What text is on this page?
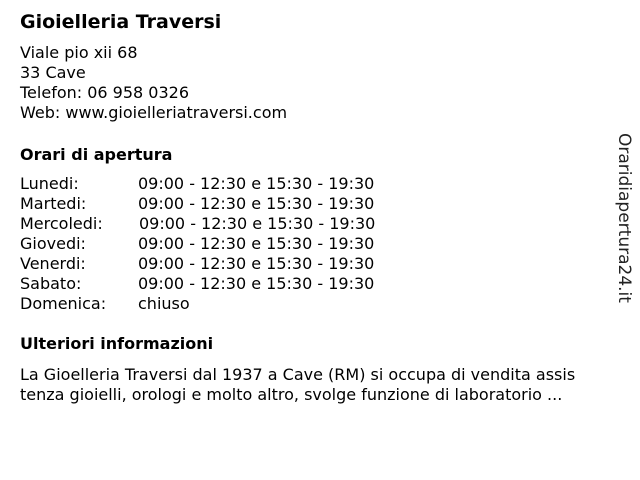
Gioielleria Traversi
Viale pio xii 68
33 Cave
Telefon: 06 958 0326
Web: www.gioielleriatraversi.com
Orari di apertura
Lunedi:	09:00 - 12:30 e 15:30 - 19:30
Martedi:	09:00 - 12:30 e 15:30 - 19:30
Mercoledi: 09:00 - 12:30 e 15:30 - 19:30
Giovedi:	09:00 - 12:30 e 15:30 - 19:30
Venerdi:	09:00 - 12:30 e 15:30 - 19:30
Sabato:	09:00 - 12:30 e 15:30 - 19:30
Domenica: chiuso
Ulteriori informazioni
La Gioelleria Traversi dal 1937 a Cave (RM) si occupa di vendita assis
tenza gioielli, orologi e molto altro, svolge funzione di laboratorio ...
Oraridiapertura24.it
